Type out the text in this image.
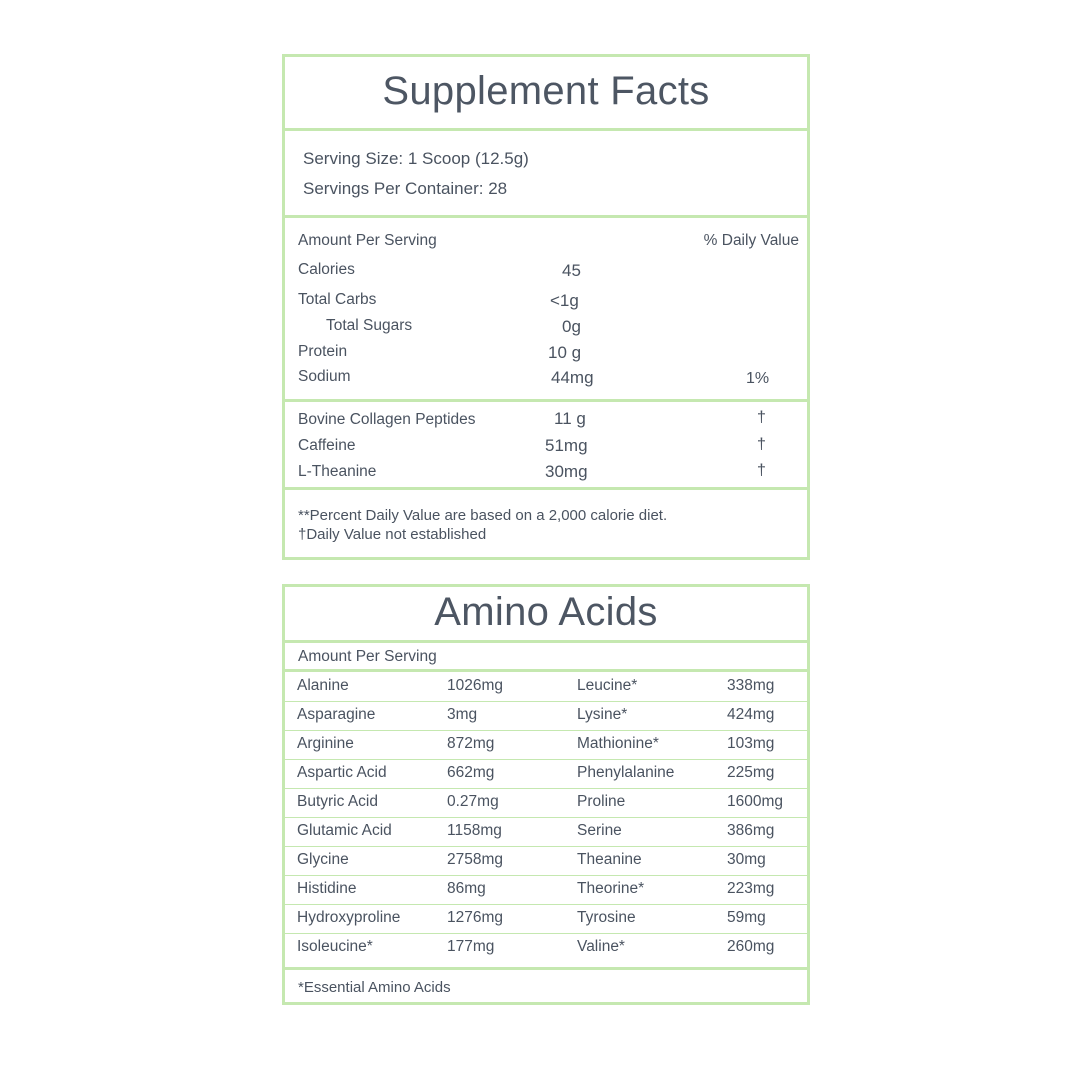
Supplement Facts
Serving Size: 1 Scoop (12.5g)
Servings Per Container: 28
Amount Per Serving	% Daily Value
Calories	45
Total Carbs	<1g
Total Sugars	0g
Protein	10 g
Sodium	44mg	1%
Bovine Collagen Peptides	11 g	†
Caffeine	51mg	†
L-Theanine	30mg	†
**Percent Daily Value are based on a 2,000 calorie diet.
†Daily Value not established
Amino Acids
Amount Per Serving
Alanine	1026mg	Leucine*	338mg
Asparagine	3mg	Lysine*	424mg
Arginine	872mg	Mathionine*	103mg
Aspartic Acid	662mg	Phenylalanine	225mg
Butyric Acid	0.27mg	Proline	1600mg
Glutamic Acid	1158mg	Serine	386mg
Glycine	2758mg	Theanine	30mg
Histidine	86mg	Theorine*	223mg
Hydroxyproline	1276mg	Tyrosine	59mg
Isoleucine*	177mg	Valine*	260mg
*Essential Amino Acids
